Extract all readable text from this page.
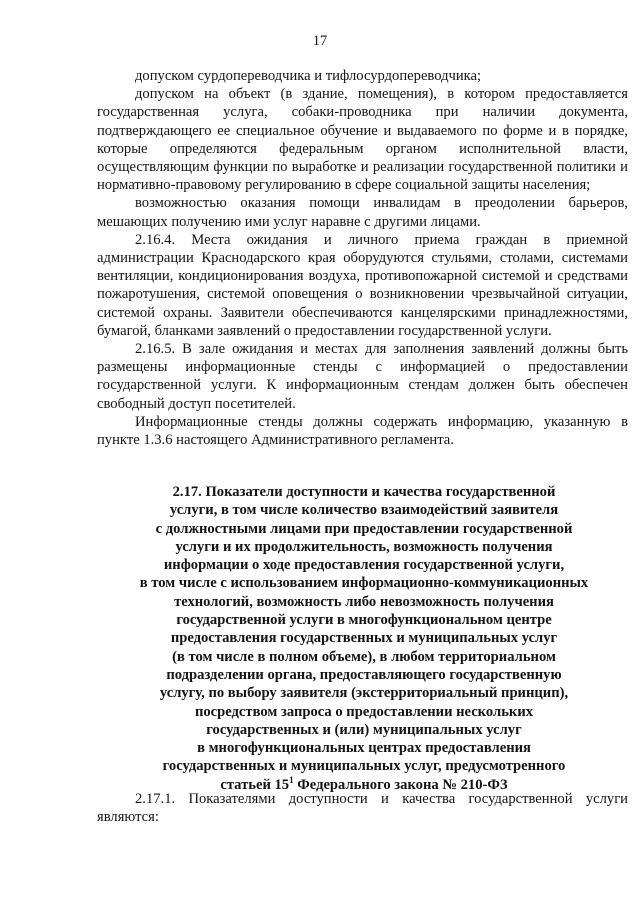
17

допуском сурдопереводчика и тифлосурдопереводчика;

допуском на объект (в здание, помещения), в котором предоставляется государственная услуга, собаки-проводника при наличии документа, подтверждающего ее специальное обучение и выдаваемого по форме и в порядке, которые определяются федеральным органом исполнительной власти, осуществляющим функции по выработке и реализации государственной политики и нормативно-правовому регулированию в сфере социальной защиты населения;

возможностью оказания помощи инвалидам в преодолении барьеров, мешающих получению ими услуг наравне с другими лицами.

2.16.4. Места ожидания и личного приема граждан в приемной администрации Краснодарского края оборудуются стульями, столами, системами вентиляции, кондиционирования воздуха, противопожарной системой и средствами пожаротушения, системой оповещения о возникновении чрезвычайной ситуации, системой охраны. Заявители обеспечиваются канцелярскими принадлежностями, бумагой, бланками заявлений о предоставлении государственной услуги.

2.16.5. В зале ожидания и местах для заполнения заявлений должны быть размещены информационные стенды с информацией о предоставлении государственной услуги. К информационным стендам должен быть обеспечен свободный доступ посетителей.

Информационные стенды должны содержать информацию, указанную в пункте 1.3.6 настоящего Административного регламента.

2.17. Показатели доступности и качества государственной
услуги, в том числе количество взаимодействий заявителя
с должностными лицами при предоставлении государственной
услуги и их продолжительность, возможность получения
информации о ходе предоставления государственной услуги,
в том числе с использованием информационно-коммуникационных
технологий, возможность либо невозможность получения
государственной услуги в многофункциональном центре
предоставления государственных и муниципальных услуг
(в том числе в полном объеме), в любом территориальном
подразделении органа, предоставляющего государственную
услугу, по выбору заявителя (экстерриториальный принцип),
посредством запроса о предоставлении нескольких
государственных и (или) муниципальных услуг
в многофункциональных центрах предоставления
государственных и муниципальных услуг, предусмотренного
статьей $15^1$ Федерального закона № 210-ФЗ

2.17.1. Показателями доступности и качества государственной услуги являются:
